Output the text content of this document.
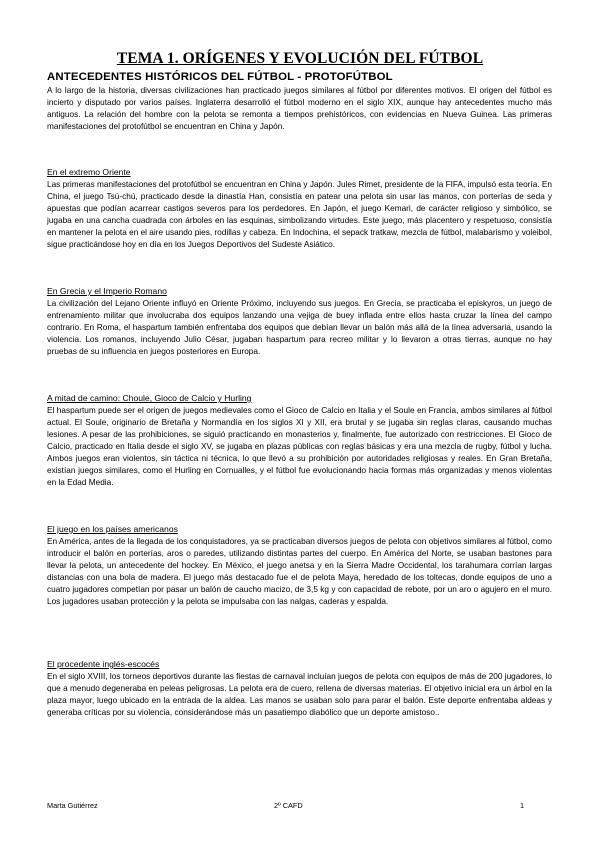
TEMA 1. ORÍGENES Y EVOLUCIÓN DEL FÚTBOL
ANTECEDENTES HISTÓRICOS DEL FÚTBOL - PROTOFÚTBOL

A lo largo de la historia, diversas civilizaciones han practicado juegos similares al fútbol por diferentes motivos. El origen del fútbol es incierto y disputado por varios países. Inglaterra desarrolló el fútbol moderno en el siglo XIX, aunque hay antecedentes mucho más antiguos. La relación del hombre con la pelota se remonta a tiempos prehistóricos, con evidencias en Nueva Guinea. Las primeras manifestaciones del protofútbol se encuentran en China y Japón.

En el extremo Oriente

Las primeras manifestaciones del protofútbol se encuentran en China y Japón. Jules Rimet, presidente de la FIFA, impulsó esta teoría. En China, el juego Tsú-chú, practicado desde la dinastía Han, consistía en patear una pelota sin usar las manos, con porterías de seda y apuestas que podían acarrear castigos severos para los perdedores. En Japón, el juego Kemari, de carácter religioso y simbólico, se jugaba en una cancha cuadrada con árboles en las esquinas, simbolizando virtudes. Este juego, más placentero y respetuoso, consistía en mantener la pelota en el aire usando pies, rodillas y cabeza. En Indochina, el sepack tratkaw, mezcla de fútbol, malabarismo y voleibol, sigue practicándose hoy en día en los Juegos Deportivos del Sudeste Asiático.

En Grecia y el Imperio Romano

La civilización del Lejano Oriente influyó en Oriente Próximo, incluyendo sus juegos. En Grecia, se practicaba el episkyros, un juego de entrenamiento militar que involucraba dos equipos lanzando una vejiga de buey inflada entre ellos hasta cruzar la línea del campo contrario. En Roma, el haspartum también enfrentaba dos equipos que debían llevar un balón más allá de la línea adversaria, usando la violencia. Los romanos, incluyendo Julio César, jugaban haspartum para recreo militar y lo llevaron a otras tierras, aunque no hay pruebas de su influencia en juegos posteriores en Europa.

A mitad de camino: Choule, Gioco de Calcio y Hurling

El haspartum puede ser el origen de juegos medievales como el Gioco de Calcio en Italia y el Soule en Francia, ambos similares al fútbol actual. El Soule, originario de Bretaña y Normandía en los siglos XI y XII, era brutal y se jugaba sin reglas claras, causando muchas lesiones. A pesar de las prohibiciones, se siguió practicando en monasterios y, finalmente, fue autorizado con restricciones. El Gioco de Calcio, practicado en Italia desde el siglo XV, se jugaba en plazas públicas con reglas básicas y era una mezcla de rugby, fútbol y lucha. Ambos juegos eran violentos, sin táctica ni técnica, lo que llevó a su prohibición por autoridades religiosas y reales. En Gran Bretaña, existían juegos similares, como el Hurling en Cornualles, y el fútbol fue evolucionando hacia formas más organizadas y menos violentas en la Edad Media.

El juego en los países americanos

En América, antes de la llegada de los conquistadores, ya se practicaban diversos juegos de pelota con objetivos similares al fútbol, como introducir el balón en porterías, aros o paredes, utilizando distintas partes del cuerpo. En América del Norte, se usaban bastones para llevar la pelota, un antecedente del hockey. En México, el juego anetsa y en la Sierra Madre Occidental, los tarahumara corrían largas distancias con una bola de madera. El juego más destacado fue el de pelota Maya, heredado de los toltecas, donde equipos de uno a cuatro jugadores competían por pasar un balón de caucho macizo, de 3,5 kg y con capacidad de rebote, por un aro o agujero en el muro. Los jugadores usaban protección y la pelota se impulsaba con las nalgas, caderas y espalda.

El procedente inglés-escocés

En el siglo XVIII, los torneos deportivos durante las fiestas de carnaval incluían juegos de pelota con equipos de más de 200 jugadores, lo que a menudo degeneraba en peleas peligrosas. La pelota era de cuero, rellena de diversas materias. El objetivo inicial era un árbol en la plaza mayor, luego ubicado en la entrada de la aldea. Las manos se usaban solo para parar el balón. Este deporte enfrentaba aldeas y generaba críticas por su violencia, considerándose más un pasatiempo diabólico que un deporte amistoso..

Marta Gutiérrez	2º CAFD	1
